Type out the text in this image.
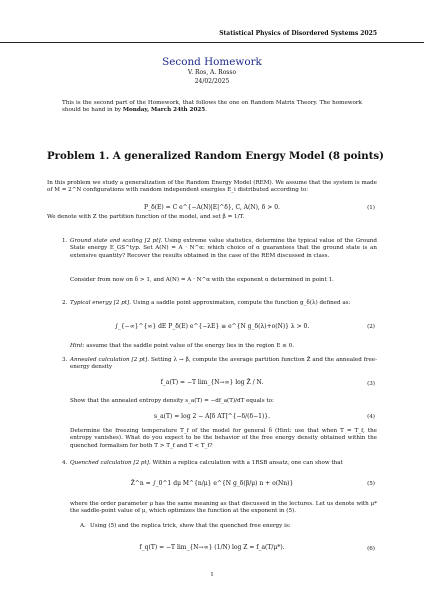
Statistical Physics of Disordered Systems 2025
Second Homework
V. Ros, A. Rosso
24/02/2025
This is the second part of the Homework, that follows the one on Random Matrix Theory. The homework should be hand in by Monday, March 24th 2025.
Problem 1. A generalized Random Energy Model (8 points)
In this problem we study a generalization of the Random Energy Model (REM). We assume that the system is made of M = 2^N configurations with random independent energies E_i distributed according to:
P_δ(E) = C e^{−A(N)|E|^δ}, C, A(N), δ > 0.	(1)
We denote with Z the partition function of the model, and set β = 1/T.
1. Ground state and scaling [2 pt]. Using extreme value statistics, determine the typical value of the Ground State energy E_GS^typ. Set A(N) = A · N^α: which choice of α guarantees that the ground state is an extensive quantity? Recover the results obtained in the case of the REM discussed in class.
Consider from now on δ > 1, and A(N) = A · N^α with the exponent α determined in point 1.
2. Typical energy [2 pt]. Using a saddle point approximation, compute the function g_δ(λ) defined as:
∫_{−∞}^{∞} dE P_δ(E) e^{−λE} ≡ e^{N g_δ(λ)+o(N)} λ > 0.	(2)
Hint: assume that the saddle point value of the energy lies in the region E ≤ 0.
3. Annealed calculation [2 pt]. Setting λ → β, compute the average partition function Z̄ and the annealed free-energy density
f_a(T) = −T lim_{N→∞} log Z̄ / N.	(3)
Show that the annealed entropy density s_a(T) = −df_a(T)/dT equals to:
s_a(T) = log 2 − A[δ AT]^{−δ/(δ−1)}.	(4)
Determine the freezing temperature T_f of the model for general δ (Hint: use that when T = T_f, the entropy vanishes). What do you expect to be the behavior of the free energy density obtained within the quenched formalism for both T > T_f and T < T_f?
4. Quenched calculation [2 pt]. Within a replica calculation with a 1RSB ansatz, one can show that
Z̄^n = ∫_0^1 dμ M^{n/μ} e^{N g_δ(β/μ) n + o(Nn)}	(5)
where the order parameter μ has the same meaning as that discussed in the lectures. Let us denote with μ* the saddle-point value of μ, which optimizes the function at the exponent in (5).
A. Using (5) and the replica trick, show that the quenched free energy is:
f_q(T) = −T lim_{N→∞} (1/N) log Z = f_a(T/μ*).	(6)
1
